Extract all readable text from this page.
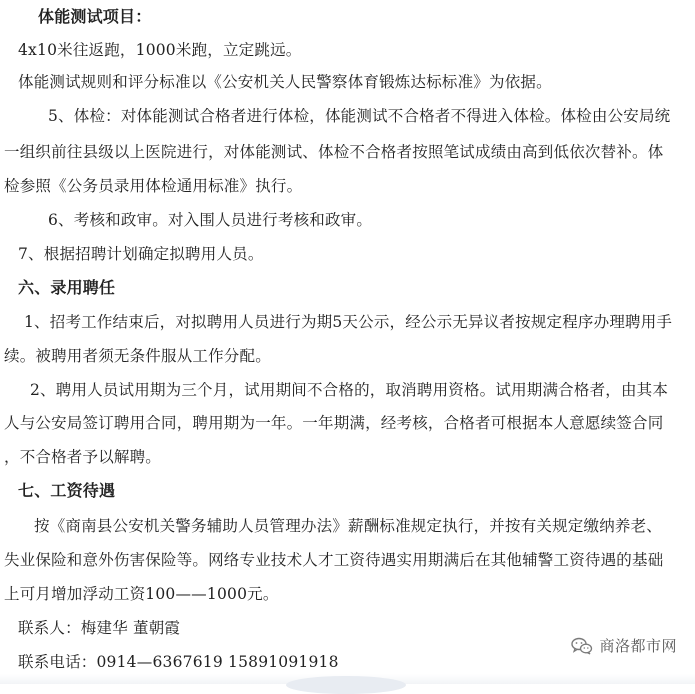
体能测试项目：
4x10米往返跑，1000米跑，立定跳远。
体能测试规则和评分标准以《公安机关人民警察体育锻炼达标标准》为依据。
5、体检：对体能测试合格者进行体检，体能测试不合格者不得进入体检。体检由公安局统
一组织前往县级以上医院进行，对体能测试、体检不合格者按照笔试成绩由高到低依次替补。体
检参照《公务员录用体检通用标准》执行。
6、考核和政审。对入围人员进行考核和政审。
7、根据招聘计划确定拟聘用人员。
六、录用聘任
1、招考工作结束后，对拟聘用人员进行为期5天公示，经公示无异议者按规定程序办理聘用手
续。被聘用者须无条件服从工作分配。
2、聘用人员试用期为三个月，试用期间不合格的，取消聘用资格。试用期满合格者，由其本
人与公安局签订聘用合同，聘用期为一年。一年期满，经考核，合格者可根据本人意愿续签合同
，不合格者予以解聘。
七、工资待遇
按《商南县公安机关警务辅助人员管理办法》薪酬标准规定执行，并按有关规定缴纳养老、
失业保险和意外伤害保险等。网络专业技术人才工资待遇实用期满后在其他辅警工资待遇的基础
上可月增加浮动工资100——1000元。
联系人：梅建华 董朝霞
联系电话：0914—6367619 15891091918
商洛都市网
